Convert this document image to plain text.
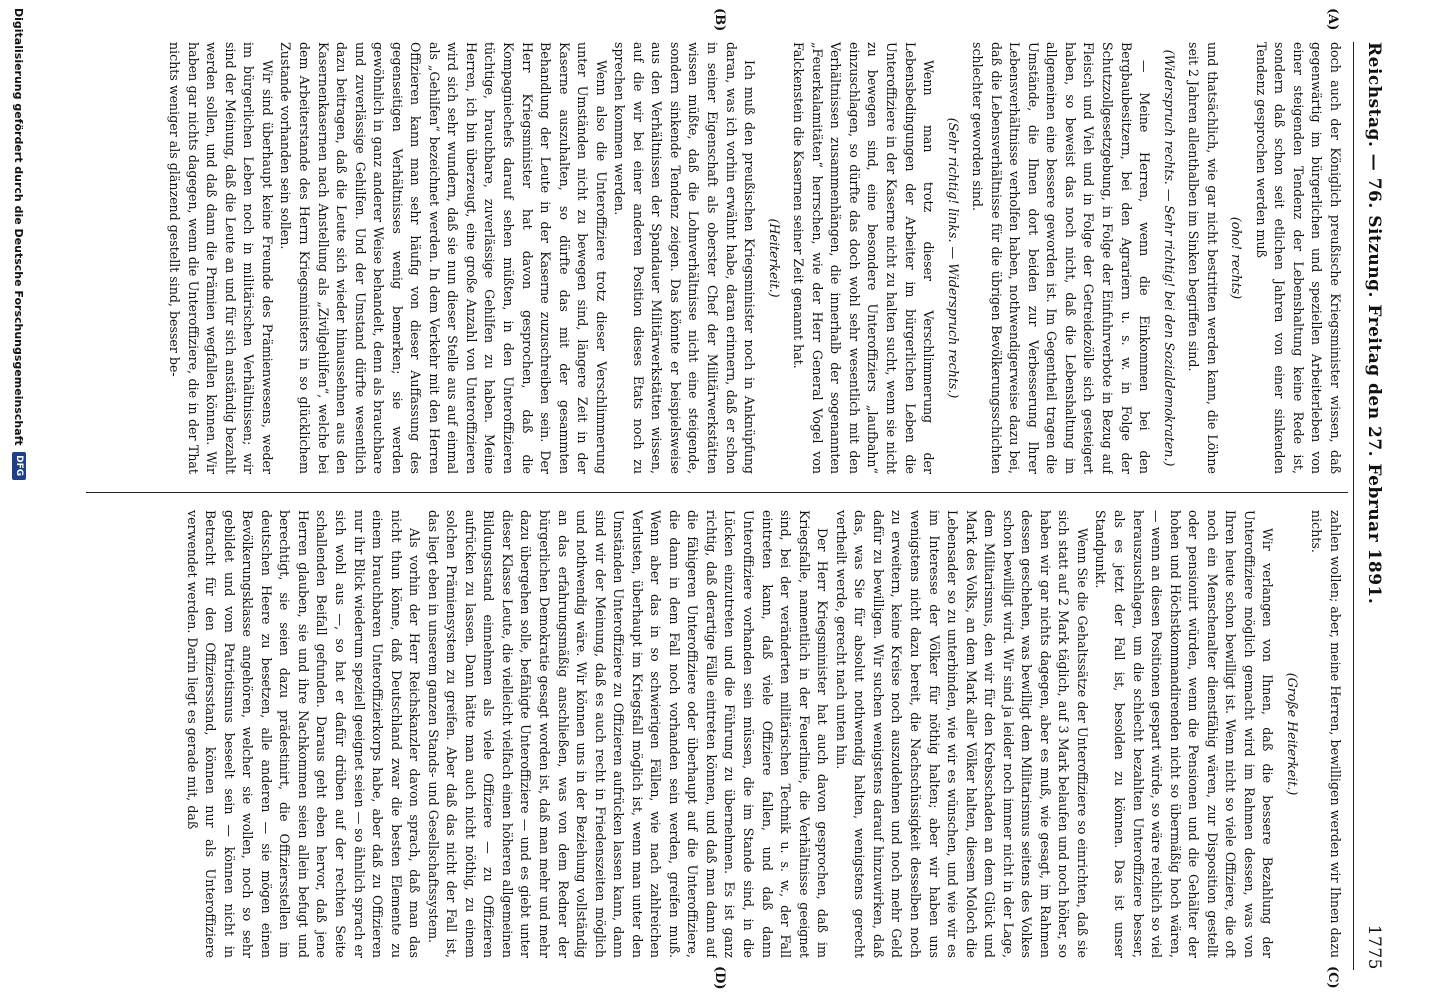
Reichstag. — 76. Sitzung. Freitag den 27. Februar 1891.
1775
(A)
(B)
(C)
(D)

doch auch der Königlich preußische Kriegsminister wissen, daß gegenwärtig im bürgerlichen und speziellen Arbeiterleben von einer steigenden Tendenz der Lebenshaltung keine Rede ist, sondern daß schon seit etlichen Jahren von einer sinkenden Tendenz gesprochen werden muß

(oho! rechts)

und thatsächlich, wie gar nicht bestritten werden kann, die Löhne seit 2 Jahren allenthalben im Sinken begriffen sind.

(Widerspruch rechts. — Sehr richtig! bei den Sozialdemokraten.)

— Meine Herren, wenn die Einkommen bei den Bergbaubesitzern, bei den Agrariern u. s. w. in Folge der Schutzzollgesetzgebung, in Folge der Einfuhrverbote in Bezug auf Fleisch und Vieh und in Folge der Getreidezölle sich gesteigert haben, so beweist das noch nicht, daß die Lebenshaltung im allgemeinen eine bessere geworden ist. Im Gegentheil tragen die Umstände, die Ihnen dort beiden zur Verbesserung Ihrer Lebensverhältnisse verholfen haben, nothwendigerweise dazu bei, daß die Lebensverhältnisse für die übrigen Bevölkerungsschichten schlechter geworden sind.

(Sehr richtig! links. — Widerspruch rechts.)

Wenn man trotz dieser Verschlimmerung der Lebensbedingungen der Arbeiter im bürgerlichen Leben die Unteroffiziere in der Kaserne nicht zu halten sucht, wenn sie nicht zu bewegen sind, eine besondere Unteroffiziers „laufbahn“ einzuschlagen, so dürfte das doch wohl sehr wesentlich mit den Verhältnissen zusammenhängen, die innerhalb der sogenannten „Feuerkalamitäten“ herrschen, wie der Herr General Vogel von Falckenstein die Kasernen seiner Zeit genannt hat.

(Heiterkeit.)

Ich muß den preußischen Kriegsminister noch in Anknüpfung daran, was ich vorhin erwähnt habe, daran erinnern, daß er schon in seiner Eigenschaft als oberster Chef der Militärwerkstätten wissen müßte, daß die Lohnverhältnisse nicht eine steigende, sondern sinkende Tendenz zeigen. Das könnte er beispielsweise aus den Verhältnissen der Spandauer Militärwerkstätten wissen, auf die wir bei einer anderen Position dieses Etats noch zu sprechen kommen werden.

Wenn also die Unteroffiziere trotz dieser Verschlimmerung unter Umständen nicht zu bewegen sind, längere Zeit in der Kaserne auszuhalten, so dürfte das mit der gesammten Behandlung der Leute in der Kaserne zuzuschreiben sein. Der Herr Kriegsminister hat davon gesprochen, daß die Kompagniechefs darauf sehen müßten, in den Unteroffizieren tüchtige, brauchbare, zuverlässige Gehilfen zu haben. Meine Herren, ich bin überzeugt, eine große Anzahl von Unteroffizieren wird sich sehr wundern, daß sie nun dieser Stelle aus auf einmal als „Gehilfen“ bezeichnet werden. In dem Verkehr mit den Herren Offizieren kann man sehr häufig von dieser Auffassung des gegenseitigen Verhältnisses wenig bemerken; sie werden gewöhnlich in ganz anderer Weise behandelt, denn als brauchbare und zuverlässige Gehilfen. Und der Umstand dürfte wesentlich dazu beitragen, daß die Leute sich wieder hinaussehnen aus den Kasernenkasernen nach Anstellung als „Zivilgehilfen“, welche bei dem Arbeiterstande des Herrn Kriegsministers in so glücklichem Zustande vorhanden sein sollen.

Wir sind überhaupt keine Freunde des Prämienwesens, weder im bürgerlichen Leben noch in militärischen Verhältnissen; wir sind der Meinung, daß die Leute an und für sich anständig bezahlt werden sollen, und daß dann die Prämien wegfallen können. Wir haben gar nichts dagegen, wenn die Unteroffiziere, die in der That nichts weniger als glänzend gestellt sind, besser be-

zahlen wollen; aber, meine Herren, bewilligen werden wir Ihnen dazu nichts.

(Große Heiterkeit.)

Wir verlangen von Ihnen, daß die bessere Bezahlung der Unteroffiziere möglich gemacht wird im Rahmen dessen, was von Ihren heute schon bewilligt ist. Wenn nicht so viele Offiziere, die oft noch ein Menschenalter dienstfähig wären, zur Disposition gestellt oder pensionirt würden, wenn die Pensionen und die Gehälter der hohen und Höchstkommandirenden nicht so übermäßig hoch wären, — wenn an diesen Positionen gespart würde, so wäre reichlich so viel herauszuschlagen, um die schlecht bezahlten Unteroffiziere besser, als es jetzt der Fall ist, besolden zu können. Das ist unser Standpunkt.

Wenn Sie die Gehaltssätze der Unteroffiziere so einrichten, daß sie sich statt auf 2 Mark täglich, auf 3 Mark belaufen und noch höher, so haben wir gar nichts dagegen, aber es muß, wie gesagt, im Rahmen dessen geschehen, was bewilligt dem Militarismus seitens des Volkes schon bewilligt wird. Wir sind ja leider noch immer nicht in der Lage, dem Militarismus, den wir für den Krebsschaden an dem Glück und Mark des Volks, an dem Mark aller Völker halten, diesem Moloch die Lebensader so zu unterbinden, wie wir es wünschen, und wie wir es im Interesse der Völker für nöthig halten; aber wir haben uns wenigstens nicht dazu bereit, die Nachschüssigkeit desselben noch zu erweitern, keine Kreise noch auszudehnen und noch mehr Geld dafür zu bewilligen. Wir suchen wenigstens darauf hinzuwirken, daß das, was Sie für absolut nothwendig halten, wenigstens gerecht vertheilt werde, gerecht nach unten hin.

Der Herr Kriegsminister hat auch davon gesprochen, daß im Kriegsfalle, namentlich in der Feuerlinie, die Verhältnisse geeignet sind, bei der veränderten militärischen Technik u. s. w., der Fall eintreten kann, daß viele Offiziere fallen, und daß dann Unteroffiziere vorhanden sein müssen, die im Stande sind, in die Lücken einzutreten und die Führung zu übernehmen. Es ist ganz richtig, daß derartige Fälle eintreten können, und daß man dann auf die fähigeren Unteroffiziere oder überhaupt auf die Unteroffiziere, die dann in dem Fall noch vorhanden sein werden, greifen muß. Wenn aber das in so schwierigen Fällen, wie nach zahlreichen Verlusten, überhaupt im Kriegsfall möglich ist, wenn man unter den Umständen Unteroffiziere zu Offizieren aufrücken lassen kann, dann sind wir der Meinung, daß es auch recht in Friedenszeiten möglich und nothwendig wäre. Wir können uns in der Beziehung vollständig an das erfahrungsmäßig anschließen, was von dem Redner der bürgerlichen Demokratie gesagt worden ist, daß man mehr und mehr dazu übergehen solle, befähigte Unteroffiziere — und es giebt unter dieser Klasse Leute, die vielleicht vielfach einen höheren allgemeinen Bildungsstand einnehmen als viele Offiziere — zu Offizieren aufrücken zu lassen. Dann hätte man auch nicht nöthig, zu einem solchen Prämiensystem zu greifen. Aber daß das nicht der Fall ist, das liegt eben in unserem ganzen Stands- und Gesellschaftssystem.

Als vorhin der Herr Reichskanzler davon sprach, daß man das nicht thun könne, daß Deutschland zwar die besten Elemente zu einem brauchbaren Unteroffizierkorps habe, aber daß zu Offizieren nur ihr Blick wiederum speziell geeignet seien — so ähnlich sprach er sich wohl aus —, so hat er dafür drüben auf der rechten Seite schallenden Beifall gefunden. Daraus geht eben hervor, daß jene Herren glauben, sie und ihre Nachkommen seien allein befugt und berechtigt, sie seien dazu prädestinirt, die Offiziersstellen im deutschen Heere zu besetzen, alle anderen — sie mögen einen Bevölkerungsklasse angehören, welcher sie wollen, noch so sehr gebildet und vom Patriotismus beseelt sein — können nicht in Betracht für den Offiziersstand, können nur als Unteroffiziere verwendet werden. Darin liegt es gerade mit, daß

Digitalisierung gefördert durch die Deutsche Forschungsgemeinschaft
DFG
